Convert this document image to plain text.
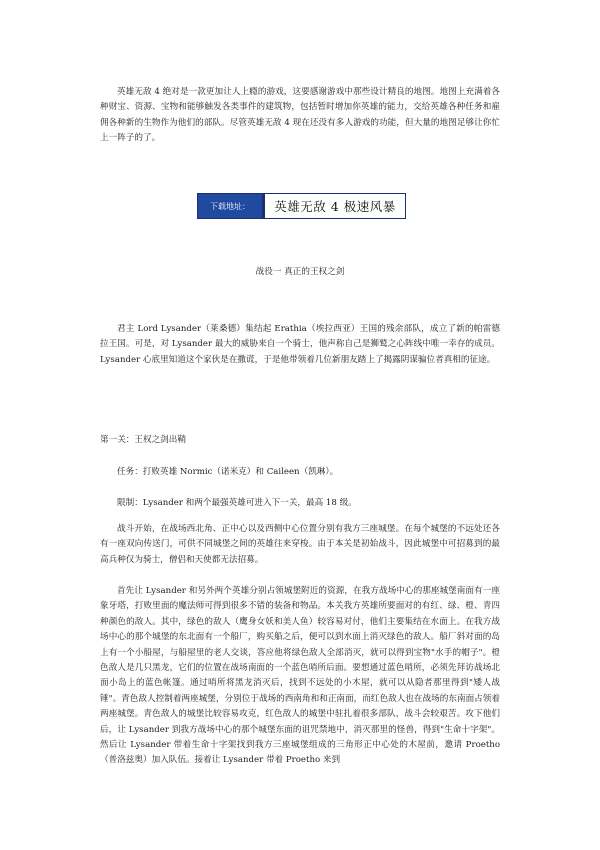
英雄无敌 4 绝对是一款更加让人上瘾的游戏，这要感谢游戏中那些设计精良的地图。地图上充满着各种财宝、资源、宝物和能够触发各类事件的建筑物，包括暂时增加你英雄的能力，交给英雄各种任务和雇佣各种新的生物作为他们的部队。尽管英雄无敌 4 现在还没有多人游戏的功能，但大量的地图足够让你忙上一阵子的了。

下载地址：	英雄无敌 4 极速风暴
战役一 真正的王权之剑

君主 Lord Lysander（莱桑德）集结起 Erathia（埃拉西亚）王国的残余部队，成立了新的帕雷德拉王国。可是，对 Lysander 最大的威胁来自一个骑士，他声称自己是狮鹫之心阵线中唯一幸存的成员。Lysander 心底里知道这个家伙是在撒谎，于是他带领着几位新朋友踏上了揭露阴谋骗位者真相的征途。

第一关：王权之剑出鞘

任务：打败英雄 Normic（诺米克）和 Caileen（凯琳）。

限制：Lysander 和两个最强英雄可进入下一关，最高 18 级。

战斗开始，在战场西北角、正中心以及西侧中心位置分别有我方三座城堡。在每个城堡的不远处还各有一座双向传送门，可供不同城堡之间的英雄往来穿梭。由于本关是初始战斗，因此城堡中可招募到的最高兵种仅为骑士，僧侣和天使都无法招募。

首先让 Lysander 和另外两个英雄分别占领城堡附近的资源，在我方战场中心的那座城堡南面有一座象牙塔，打败里面的魔法师可得到很多不错的装备和物品。本关我方英雄所要面对的有红、绿、橙、青四种颜色的敌人。其中，绿色的敌人（鹰身女妖和美人鱼）较容易对付，他们主要集结在水面上。在我方战场中心的那个城堡的东北面有一个船厂，购买船之后，便可以到水面上消灭绿色的敌人。船厂斜对面的岛上有一个小船屋，与船屋里的老人交谈，答应他将绿色敌人全部消灭，就可以得到宝物"水手的帽子"。橙色敌人是几只黑龙，它们的位置在战场南面的一个蓝色哨所后面。要想通过蓝色哨所，必须先拜访战场北面小岛上的蓝色帐篷。通过哨所将黑龙消灭后，找到不远处的小木屋，就可以从隐者那里得到"矮人战锤"。青色敌人控制着两座城堡，分别位于战场的西南角和和正南面，而红色敌人也在战场的东南面占领着两座城堡。青色敌人的城堡比较容易攻克，红色敌人的城堡中驻扎着很多部队，战斗会较艰苦。攻下他们后，让 Lysander 到我方战场中心的那个城堡东面的诅咒禁地中，消灭那里的怪兽，得到"生命十字架"。然后让 Lysander 带着生命十字架找到我方三座城堡组成的三角形正中心处的木屋前，邀请 Proetho（普洛兹奥）加入队伍。接着让 Lysander 带着 Proetho 来到
